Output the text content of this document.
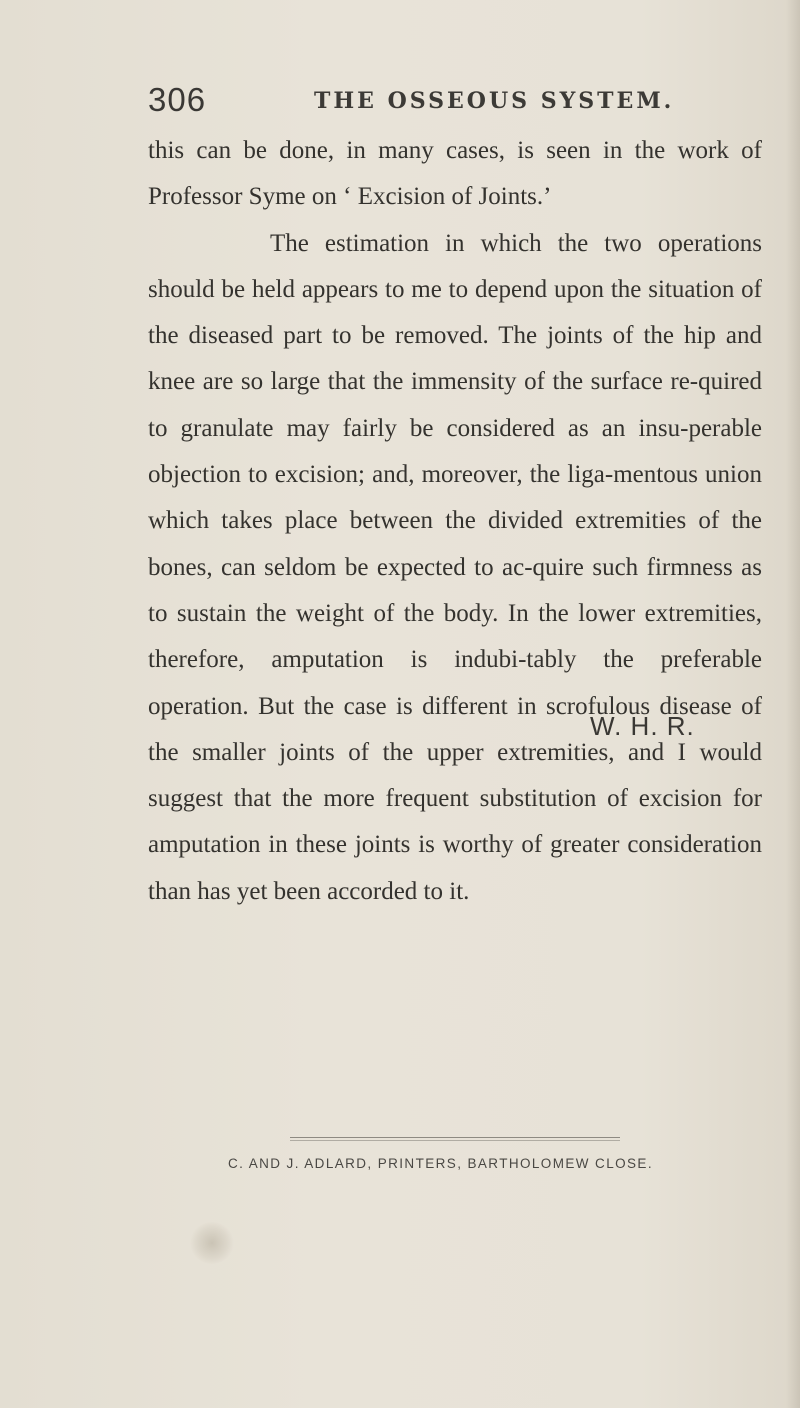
306	THE OSSEOUS SYSTEM.

this can be done, in many cases, is seen in the work of Professor Syme on ‘ Excision of Joints.’

The estimation in which the two operations should be held appears to me to depend upon the situation of the diseased part to be removed. The joints of the hip and knee are so large that the immensity of the surface re-quired to granulate may fairly be considered as an insu-perable objection to excision; and, moreover, the liga-mentous union which takes place between the divided extremities of the bones, can seldom be expected to ac-quire such firmness as to sustain the weight of the body. In the lower extremities, therefore, amputation is indubi-tably the preferable operation. But the case is different in scrofulous disease of the smaller joints of the upper extremities, and I would suggest that the more frequent substitution of excision for amputation in these joints is worthy of greater consideration than has yet been accorded to it.

W. H. R.
C. AND J. ADLARD, PRINTERS, BARTHOLOMEW CLOSE.
